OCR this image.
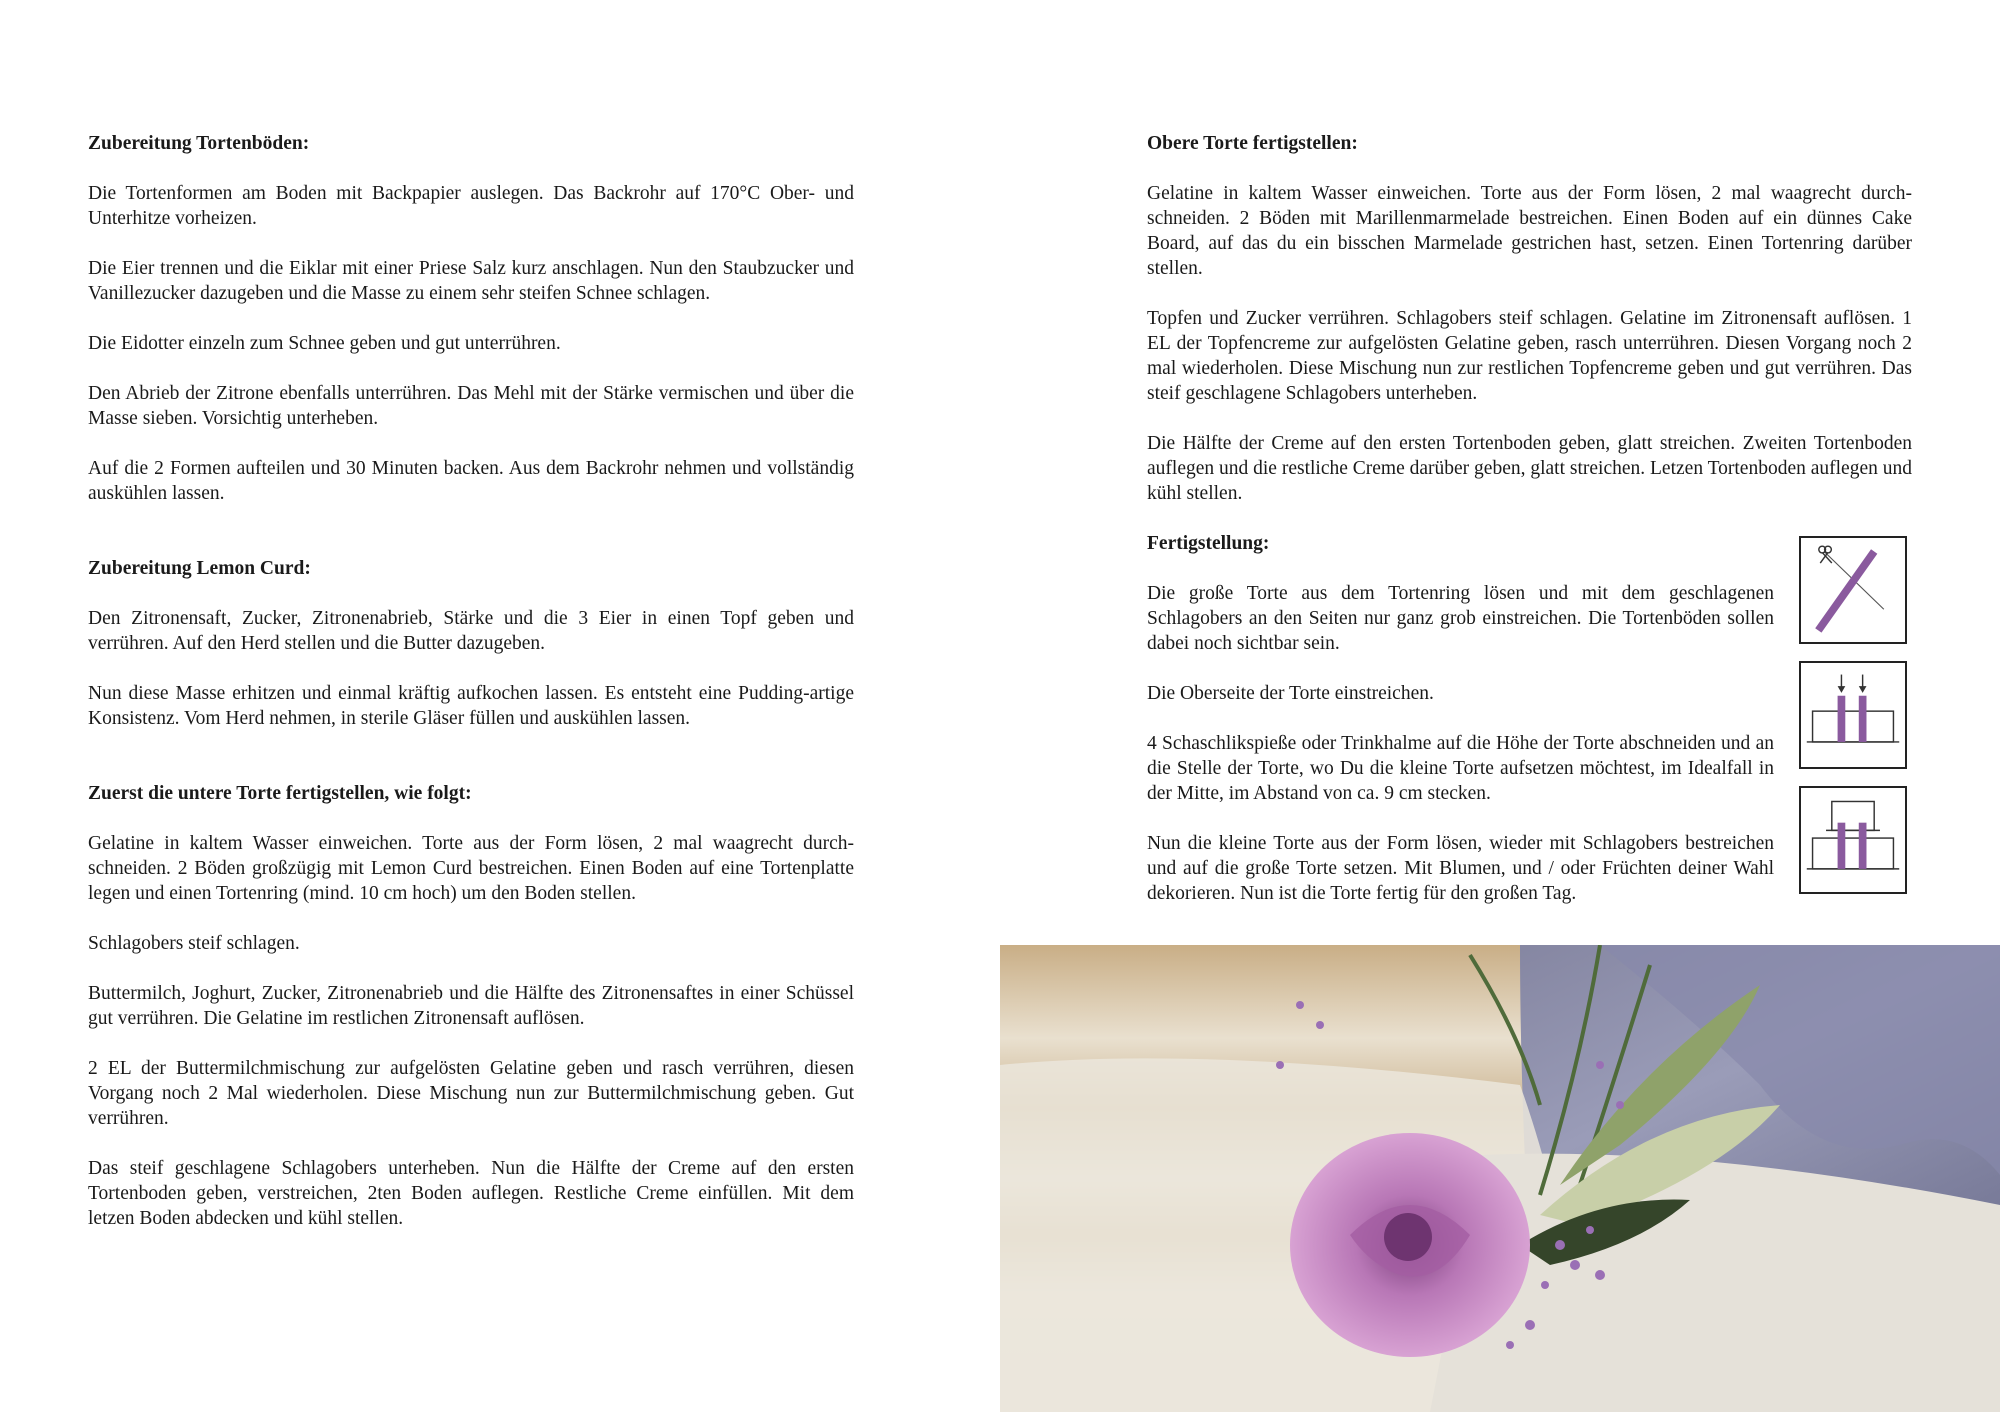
Zubereitung Tortenböden:

Die Tortenformen am Boden mit Backpapier auslegen. Das Backrohr auf 170°C Ober- und Unterhitze vorheizen.

Die Eier trennen und die Eiklar mit einer Priese Salz kurz anschlagen. Nun den Staubzucker und Vanillezucker dazugeben und die Masse zu einem sehr steifen Schnee schlagen.

Die Eidotter einzeln zum Schnee geben und gut unterrühren.

Den Abrieb der Zitrone ebenfalls unterrühren. Das Mehl mit der Stärke vermischen und über die Masse sieben. Vorsichtig unterheben.

Auf die 2 Formen aufteilen und 30 Minuten backen. Aus dem Backrohr nehmen und vollständig auskühlen lassen.

Zubereitung Lemon Curd:

Den Zitronensaft, Zucker, Zitronenabrieb, Stärke und die 3 Eier in einen Topf geben und verrühren. Auf den Herd stellen und die Butter dazugeben.

Nun diese Masse erhitzen und einmal kräftig aufkochen lassen. Es entsteht eine Pudding-artige Konsistenz. Vom Herd nehmen, in sterile Gläser füllen und auskühlen lassen.

Zuerst die untere Torte fertigstellen, wie folgt:

Gelatine in kaltem Wasser einweichen. Torte aus der Form lösen, 2 mal waagrecht durch-schneiden. 2 Böden großzügig mit Lemon Curd bestreichen. Einen Boden auf eine Tortenplatte legen und einen Tortenring (mind. 10 cm hoch) um den Boden stellen.

Schlagobers steif schlagen.

Buttermilch, Joghurt, Zucker, Zitronenabrieb und die Hälfte des Zitronensaftes in einer Schüssel gut verrühren. Die Gelatine im restlichen Zitronensaft auflösen.

2 EL der Buttermilchmischung zur aufgelösten Gelatine geben und rasch verrühren, diesen Vorgang noch 2 Mal wiederholen. Diese Mischung nun zur Buttermilchmischung geben. Gut verrühren.

Das steif geschlagene Schlagobers unterheben. Nun die Hälfte der Creme auf den ersten Tortenboden geben, verstreichen, 2ten Boden auflegen. Restliche Creme einfüllen. Mit dem letzen Boden abdecken und kühl stellen.

Obere Torte fertigstellen:

Gelatine in kaltem Wasser einweichen. Torte aus der Form lösen, 2 mal waagrecht durch-schneiden. 2 Böden mit Marillenmarmelade bestreichen. Einen Boden auf ein dünnes Cake Board, auf das du ein bisschen Marmelade gestrichen hast, setzen. Einen Tortenring darüber stellen.

Topfen und Zucker verrühren. Schlagobers steif schlagen. Gelatine im Zitronensaft auflösen. 1 EL der Topfencreme zur aufgelösten Gelatine geben, rasch unterrühren. Diesen Vorgang noch 2 mal wiederholen. Diese Mischung nun zur restlichen Topfencreme geben und gut verrühren. Das steif geschlagene Schlagobers unterheben.

Die Hälfte der Creme auf den ersten Tortenboden geben, glatt streichen. Zweiten Tortenboden auflegen und die restliche Creme darüber geben, glatt streichen. Letzen Tortenboden auflegen und kühl stellen.

Fertigstellung:

Die große Torte aus dem Tortenring lösen und mit dem geschlagenen Schlagobers an den Seiten nur ganz grob einstreichen. Die Tortenböden sollen dabei noch sichtbar sein.

Die Oberseite der Torte einstreichen.

4 Schaschlikspieße oder Trinkhalme auf die Höhe der Torte abschneiden und an die Stelle der Torte, wo Du die kleine Torte aufsetzen möchtest, im Idealfall in der Mitte, im Abstand von ca. 9 cm stecken.

Nun die kleine Torte aus der Form lösen, wieder mit Schlagobers bestreichen und auf die große Torte setzen. Mit Blumen, und / oder Früchten deiner Wahl dekorieren. Nun ist die Torte fertig für den großen Tag.
